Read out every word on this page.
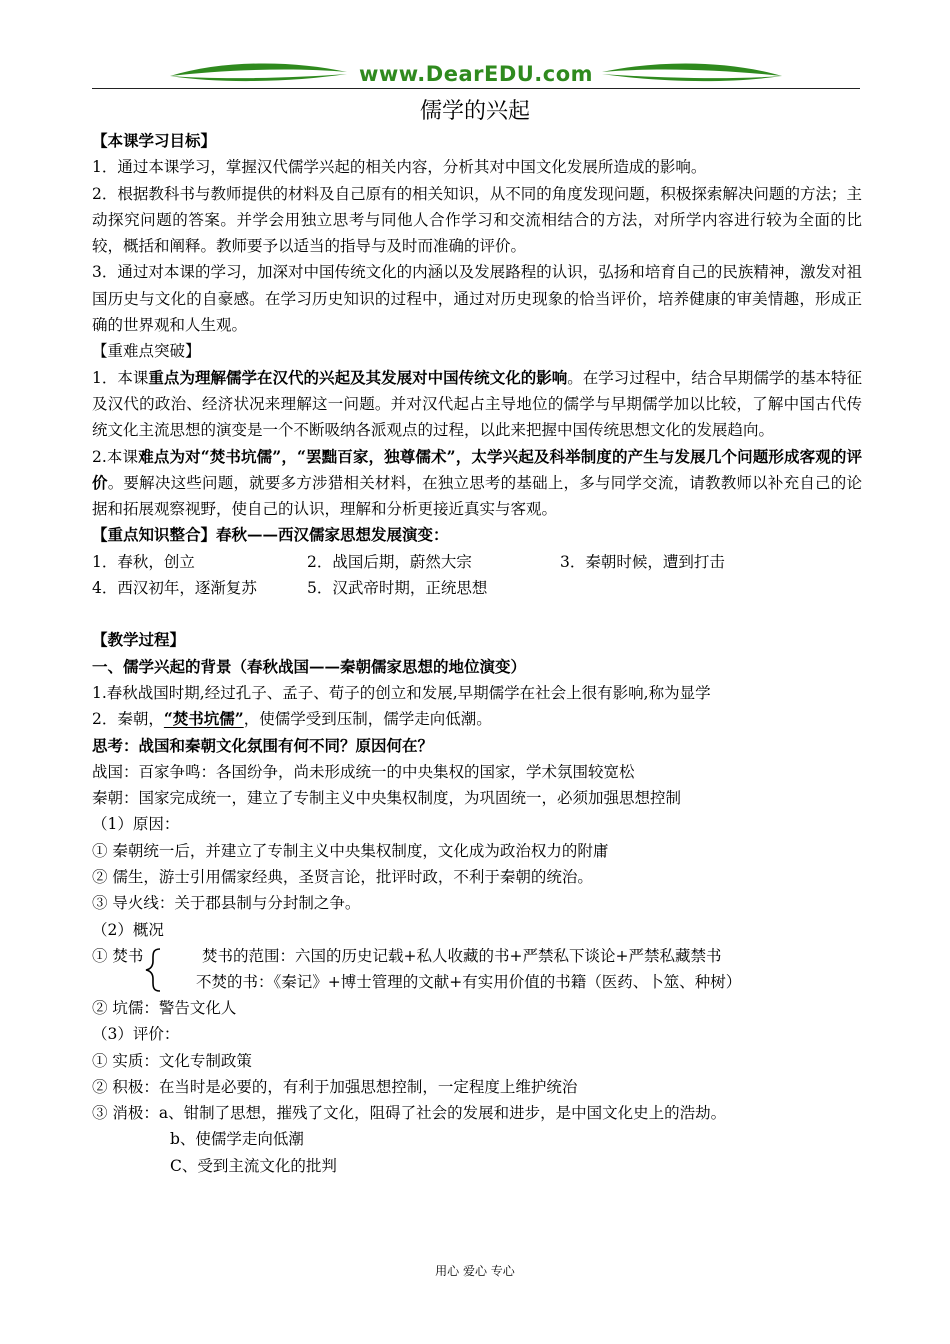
www.DearEDU.com
儒学的兴起

【本课学习目标】

1．通过本课学习，掌握汉代儒学兴起的相关内容，分析其对中国文化发展所造成的影响。

2．根据教科书与教师提供的材料及自己原有的相关知识，从不同的角度发现问题，积极探索解决问题的方法；主动探究问题的答案。并学会用独立思考与同他人合作学习和交流相结合的方法，对所学内容进行较为全面的比较，概括和阐释。教师要予以适当的指导与及时而准确的评价。

3．通过对本课的学习，加深对中国传统文化的内涵以及发展路程的认识，弘扬和培育自己的民族精神，激发对祖国历史与文化的自豪感。在学习历史知识的过程中，通过对历史现象的恰当评价，培养健康的审美情趣，形成正确的世界观和人生观。

【重难点突破】

1．本课重点为理解儒学在汉代的兴起及其发展对中国传统文化的影响。在学习过程中，结合早期儒学的基本特征及汉代的政治、经济状况来理解这一问题。并对汉代起占主导地位的儒学与早期儒学加以比较，了解中国古代传统文化主流思想的演变是一个不断吸纳各派观点的过程，以此来把握中国传统思想文化的发展趋向。

2.本课难点为对“焚书坑儒”，“罢黜百家，独尊儒术”，太学兴起及科举制度的产生与发展几个问题形成客观的评价。要解决这些问题，就要多方涉猎相关材料，在独立思考的基础上，多与同学交流，请教教师以补充自己的论据和拓展观察视野，使自己的认识，理解和分析更接近真实与客观。

【重点知识整合】春秋——西汉儒家思想发展演变：

1．春秋，创立	2．战国后期，蔚然大宗	3．秦朝时候，遭到打击

4．西汉初年，逐渐复苏	5．汉武帝时期，正统思想

【教学过程】

一、儒学兴起的背景（春秋战国——秦朝儒家思想的地位演变）

1.春秋战国时期,经过孔子、孟子、荀子的创立和发展,早期儒学在社会上很有影响,称为显学

2．秦朝，“焚书坑儒”，使儒学受到压制，儒学走向低潮。

思考：战国和秦朝文化氛围有何不同？原因何在？

战国：百家争鸣：各国纷争，尚未形成统一的中央集权的国家，学术氛围较宽松

秦朝：国家完成统一，建立了专制主义中央集权制度，为巩固统一，必须加强思想控制

（1）原因：

① 秦朝统一后，并建立了专制主义中央集权制度，文化成为政治权力的附庸

② 儒生，游士引用儒家经典，圣贤言论，批评时政，不利于秦朝的统治。

③ 导火线：关于郡县制与分封制之争。

（2）概况

① 焚书	焚书的范围：六国的历史记载+私人收藏的书+严禁私下谈论+严禁私藏禁书
不焚的书：《秦记》+博士管理的文献+有实用价值的书籍（医药、卜筮、种树）

② 坑儒：警告文化人

（3）评价：

① 实质：文化专制政策

② 积极：在当时是必要的，有利于加强思想控制，一定程度上维护统治

③ 消极：a、钳制了思想，摧残了文化，阻碍了社会的发展和进步，是中国文化史上的浩劫。

b、使儒学走向低潮

C、受到主流文化的批判

用心 爱心 专心
